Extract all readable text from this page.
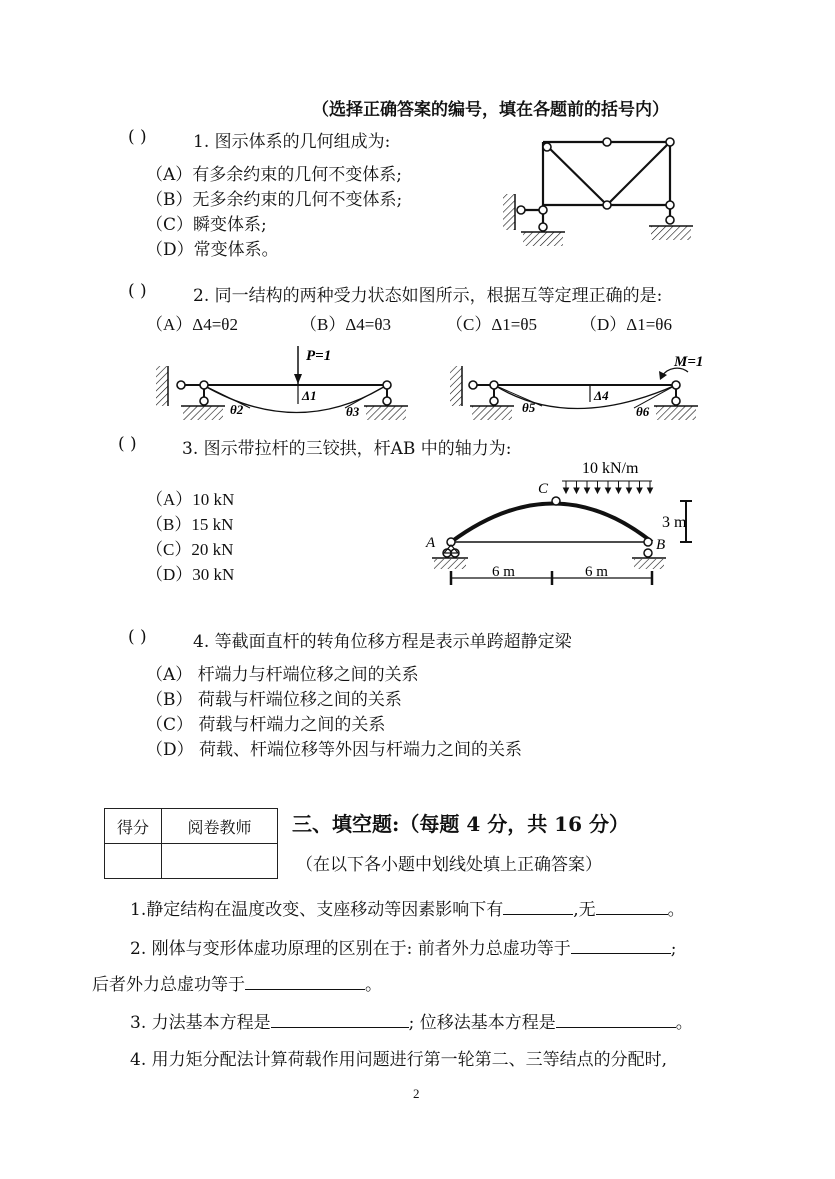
（选择正确答案的编号，填在各题前的括号内）
( )	1. 图示体系的几何组成为:
（A）有多余约束的几何不变体系;
（B）无多余约束的几何不变体系;
（C）瞬变体系;
（D）常变体系。
( )	2. 同一结构的两种受力状态如图所示，根据互等定理正确的是:
（A）Δ4=θ2	（B）Δ4=θ3	（C）Δ1=θ5	（D）Δ1=θ6
P=1
Δ1
θ2	θ3
M=1
Δ4
θ5	θ6
( )	3. 图示带拉杆的三铰拱，杆AB 中的轴力为:
（A）10 kN
（B）15 kN
（C）20 kN
（D）30 kN
10 kN/m
C
A	B
3 m
6 m	6 m
( )	4. 等截面直杆的转角位移方程是表示单跨超静定梁
（A） 杆端力与杆端位移之间的关系
（B） 荷载与杆端位移之间的关系
（C） 荷载与杆端力之间的关系
（D） 荷载、杆端位移等外因与杆端力之间的关系
得分	阅卷教师
	三、填空题:（每题 4 分，共 16 分）
（在以下各小题中划线处填上正确答案）
1.静定结构在温度改变、支座移动等因素影响下有	,无	。
2. 刚体与变形体虚功原理的区别在于: 前者外力总虚功等于	;
后者外力总虚功等于	。
3. 力法基本方程是	; 位移法基本方程是	。
4. 用力矩分配法计算荷载作用问题进行第一轮第二、三等结点的分配时,
2
